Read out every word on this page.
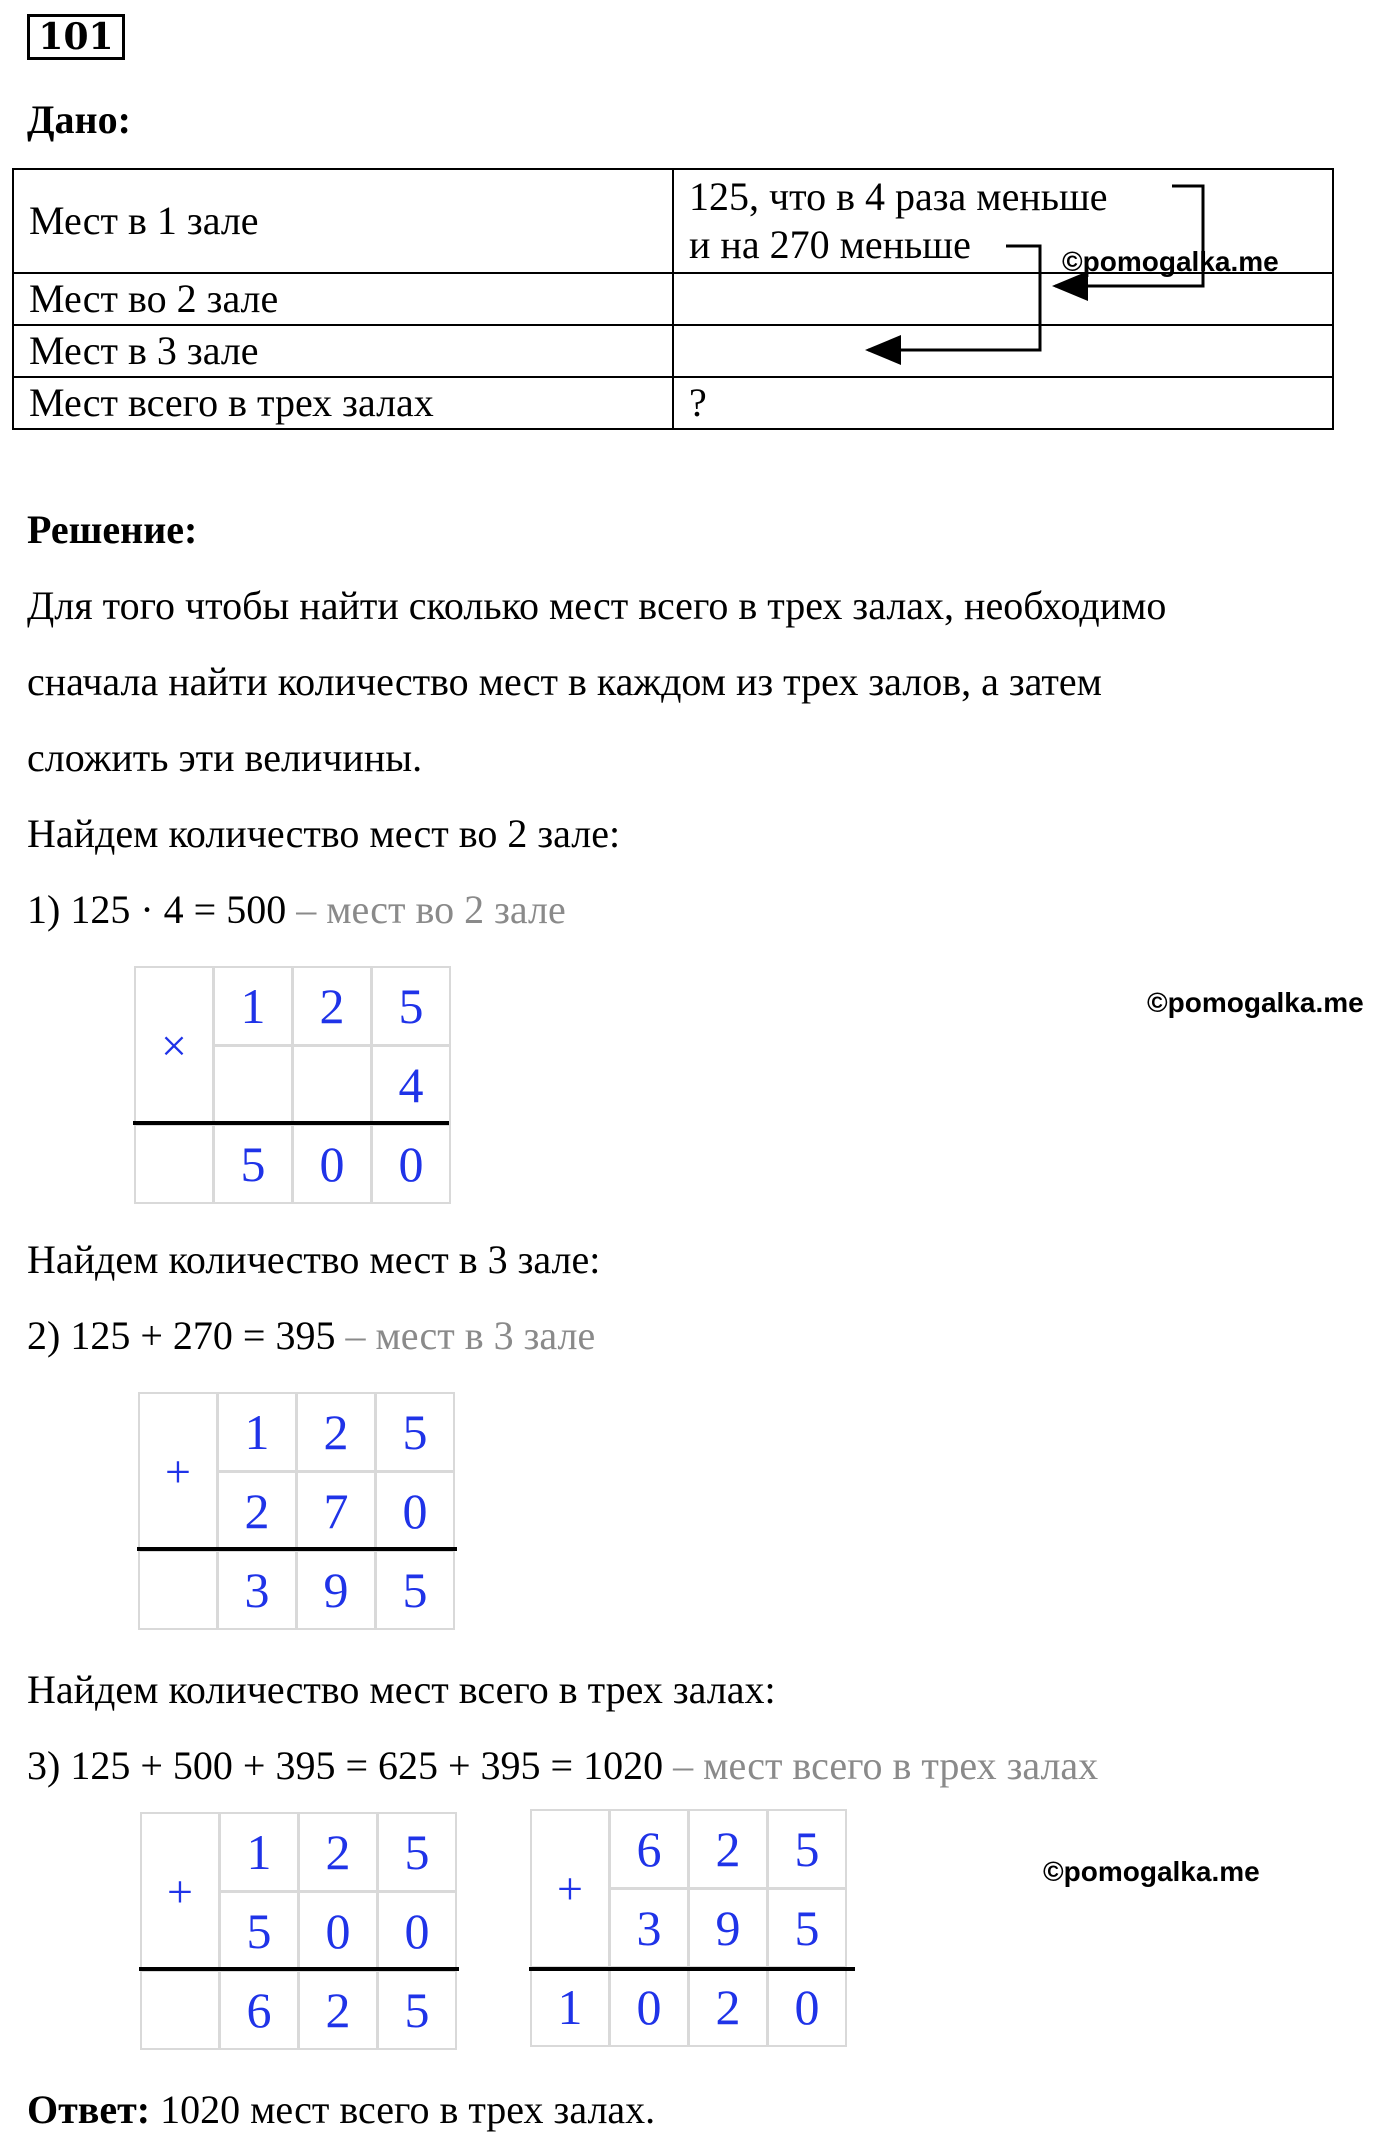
101
Дано:
Мест в 1 зале	125, что в 4 раза меньше
и на 270 меньше

Мест во 2 зале	
Мест в 3 зале	
Мест всего в трех залах	?
©pomogalka.me
Решение:
Для того чтобы найти сколько мест всего в трех залах, необходимо
сначала найти количество мест в каждом из трех залов, а затем
сложить эти величины.
Найдем количество мест во 2 зале:
1) 125 · 4 = 500 – мест во 2 зале
×	1	2	5
			4
	5	0	0
©pomogalka.me
Найдем количество мест в 3 зале:
2) 125 + 270 = 395 – мест в 3 зале
+	1	2	5
	2	7	0
	3	9	5
Найдем количество мест всего в трех залах:
3) 125 + 500 + 395 = 625 + 395 = 1020 – мест всего в трех залах
+	1	2	5
	5	0	0
	6	2	5
+	6	2	5
	3	9	5
1	0	2	0
©pomogalka.me
Ответ: 1020 мест всего в трех залах.
